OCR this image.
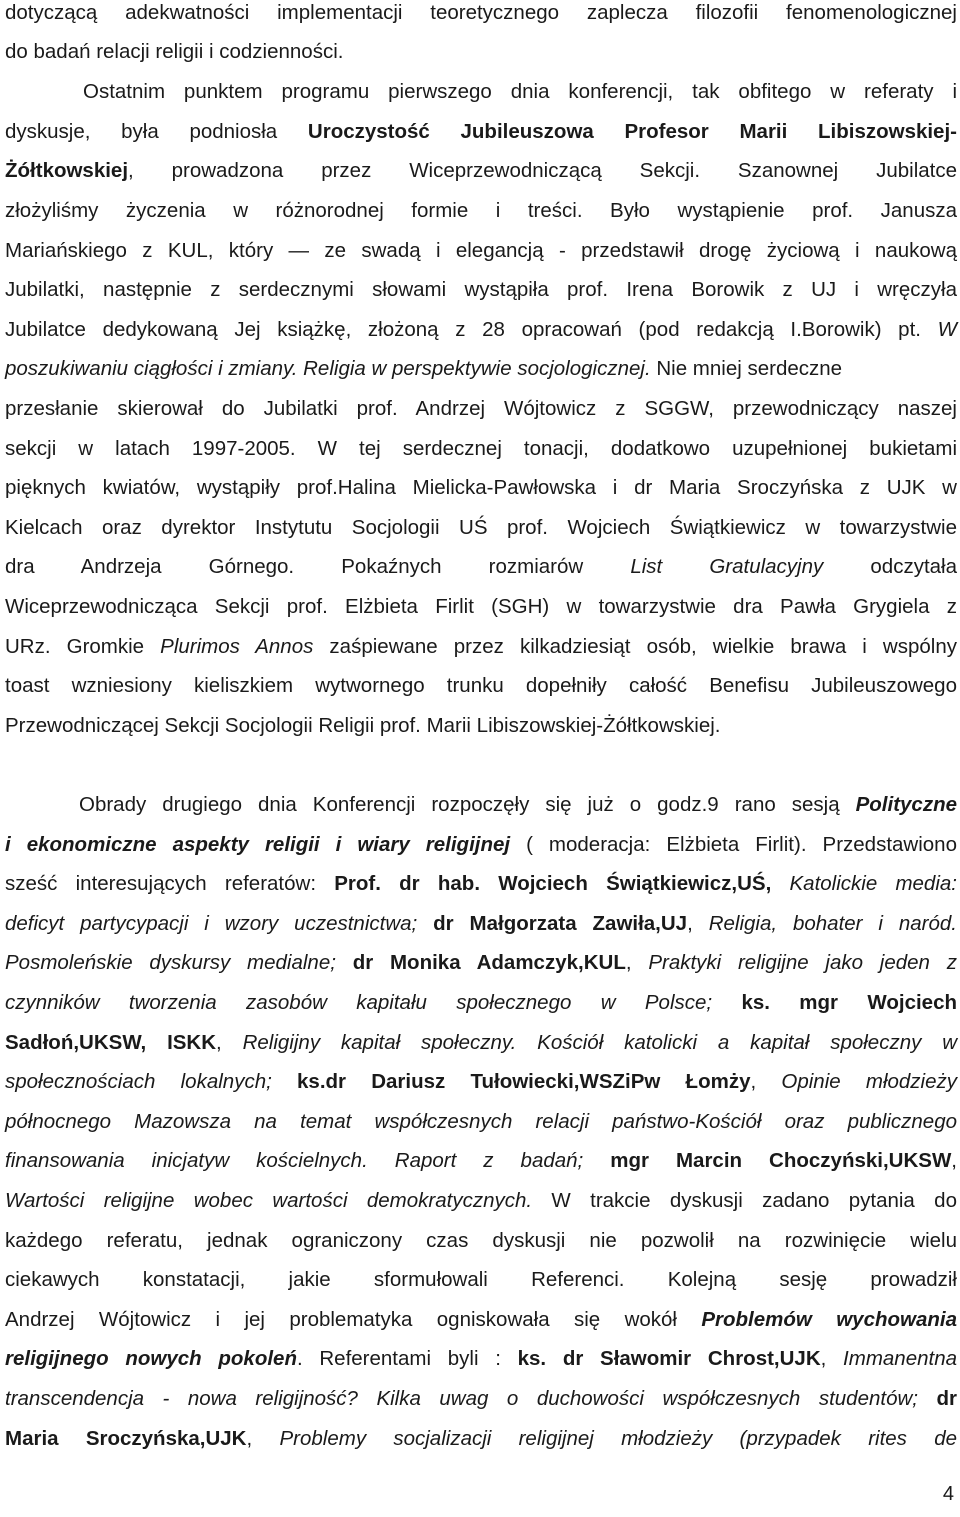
dotyczącą adekwatności implementacji teoretycznego zaplecza filozofii fenomenologicznej
do badań relacji religii i codzienności.
Ostatnim punktem programu pierwszego dnia konferencji, tak obfitego w referaty i
dyskusje, była podniosła Uroczystość Jubileuszowa Profesor Marii Libiszowskiej-
Żółtkowskiej, prowadzona przez Wiceprzewodniczącą Sekcji. Szanownej Jubilatce
złożyliśmy życzenia w różnorodnej formie i treści. Było wystąpienie prof. Janusza
Mariańskiego z KUL, który ― ze swadą i elegancją - przedstawił drogę życiową i naukową
Jubilatki, następnie z serdecznymi słowami wystąpiła prof. Irena Borowik z UJ i wręczyła
Jubilatce dedykowaną Jej książkę, złożoną z 28 opracowań (pod redakcją I.Borowik) pt. W
poszukiwaniu ciągłości i zmiany. Religia w perspektywie socjologicznej. Nie mniej serdeczne
przesłanie skierował do Jubilatki prof. Andrzej Wójtowicz z SGGW, przewodniczący naszej
sekcji w latach 1997-2005. W tej serdecznej tonacji, dodatkowo uzupełnionej bukietami
pięknych kwiatów, wystąpiły prof.Halina Mielicka-Pawłowska i dr Maria Sroczyńska z UJK w
Kielcach oraz dyrektor Instytutu Socjologii UŚ prof. Wojciech Świątkiewicz w towarzystwie
dra Andrzeja Górnego. Pokaźnych rozmiarów List Gratulacyjny odczytała
Wiceprzewodnicząca Sekcji prof. Elżbieta Firlit (SGH) w towarzystwie dra Pawła Grygiela z
URz. Gromkie Plurimos Annos zaśpiewane przez kilkadziesiąt osób, wielkie brawa i wspólny
toast wzniesiony kieliszkiem wytwornego trunku dopełniły całość Benefisu Jubileuszowego
Przewodniczącej Sekcji Socjologii Religii prof. Marii Libiszowskiej-Żółtkowskiej.
Obrady drugiego dnia Konferencji rozpoczęły się już o godz.9 rano sesją Polityczne
i ekonomiczne aspekty religii i wiary religijnej ( moderacja: Elżbieta Firlit). Przedstawiono
sześć interesujących referatów: Prof. dr hab. Wojciech Świątkiewicz,UŚ, Katolickie media:
deficyt partycypacji i wzory uczestnictwa; dr Małgorzata Zawiła,UJ, Religia, bohater i naród.
Posmoleńskie dyskursy medialne; dr Monika Adamczyk,KUL, Praktyki religijne jako jeden z
czynników tworzenia zasobów kapitału społecznego w Polsce; ks. mgr Wojciech
Sadłoń,UKSW, ISKK, Religijny kapitał społeczny. Kościół katolicki a kapitał społeczny w
społecznościach lokalnych; ks.dr Dariusz Tułowiecki,WSZiPw Łomży, Opinie młodzieży
północnego Mazowsza na temat współczesnych relacji państwo-Kościół oraz publicznego
finansowania inicjatyw kościelnych. Raport z badań; mgr Marcin Choczyński,UKSW,
Wartości religijne wobec wartości demokratycznych. W trakcie dyskusji zadano pytania do
każdego referatu, jednak ograniczony czas dyskusji nie pozwolił na rozwinięcie wielu
ciekawych konstatacji, jakie sformułowali Referenci. Kolejną sesję prowadził
Andrzej Wójtowicz i jej problematyka ogniskowała się wokół Problemów wychowania
religijnego nowych pokoleń. Referentami byli : ks. dr Sławomir Chrost,UJK, Immanentna
transcendencja - nowa religijność? Kilka uwag o duchowości współczesnych studentów; dr
Maria Sroczyńska,UJK, Problemy socjalizacji religijnej młodzieży (przypadek rites de
4
